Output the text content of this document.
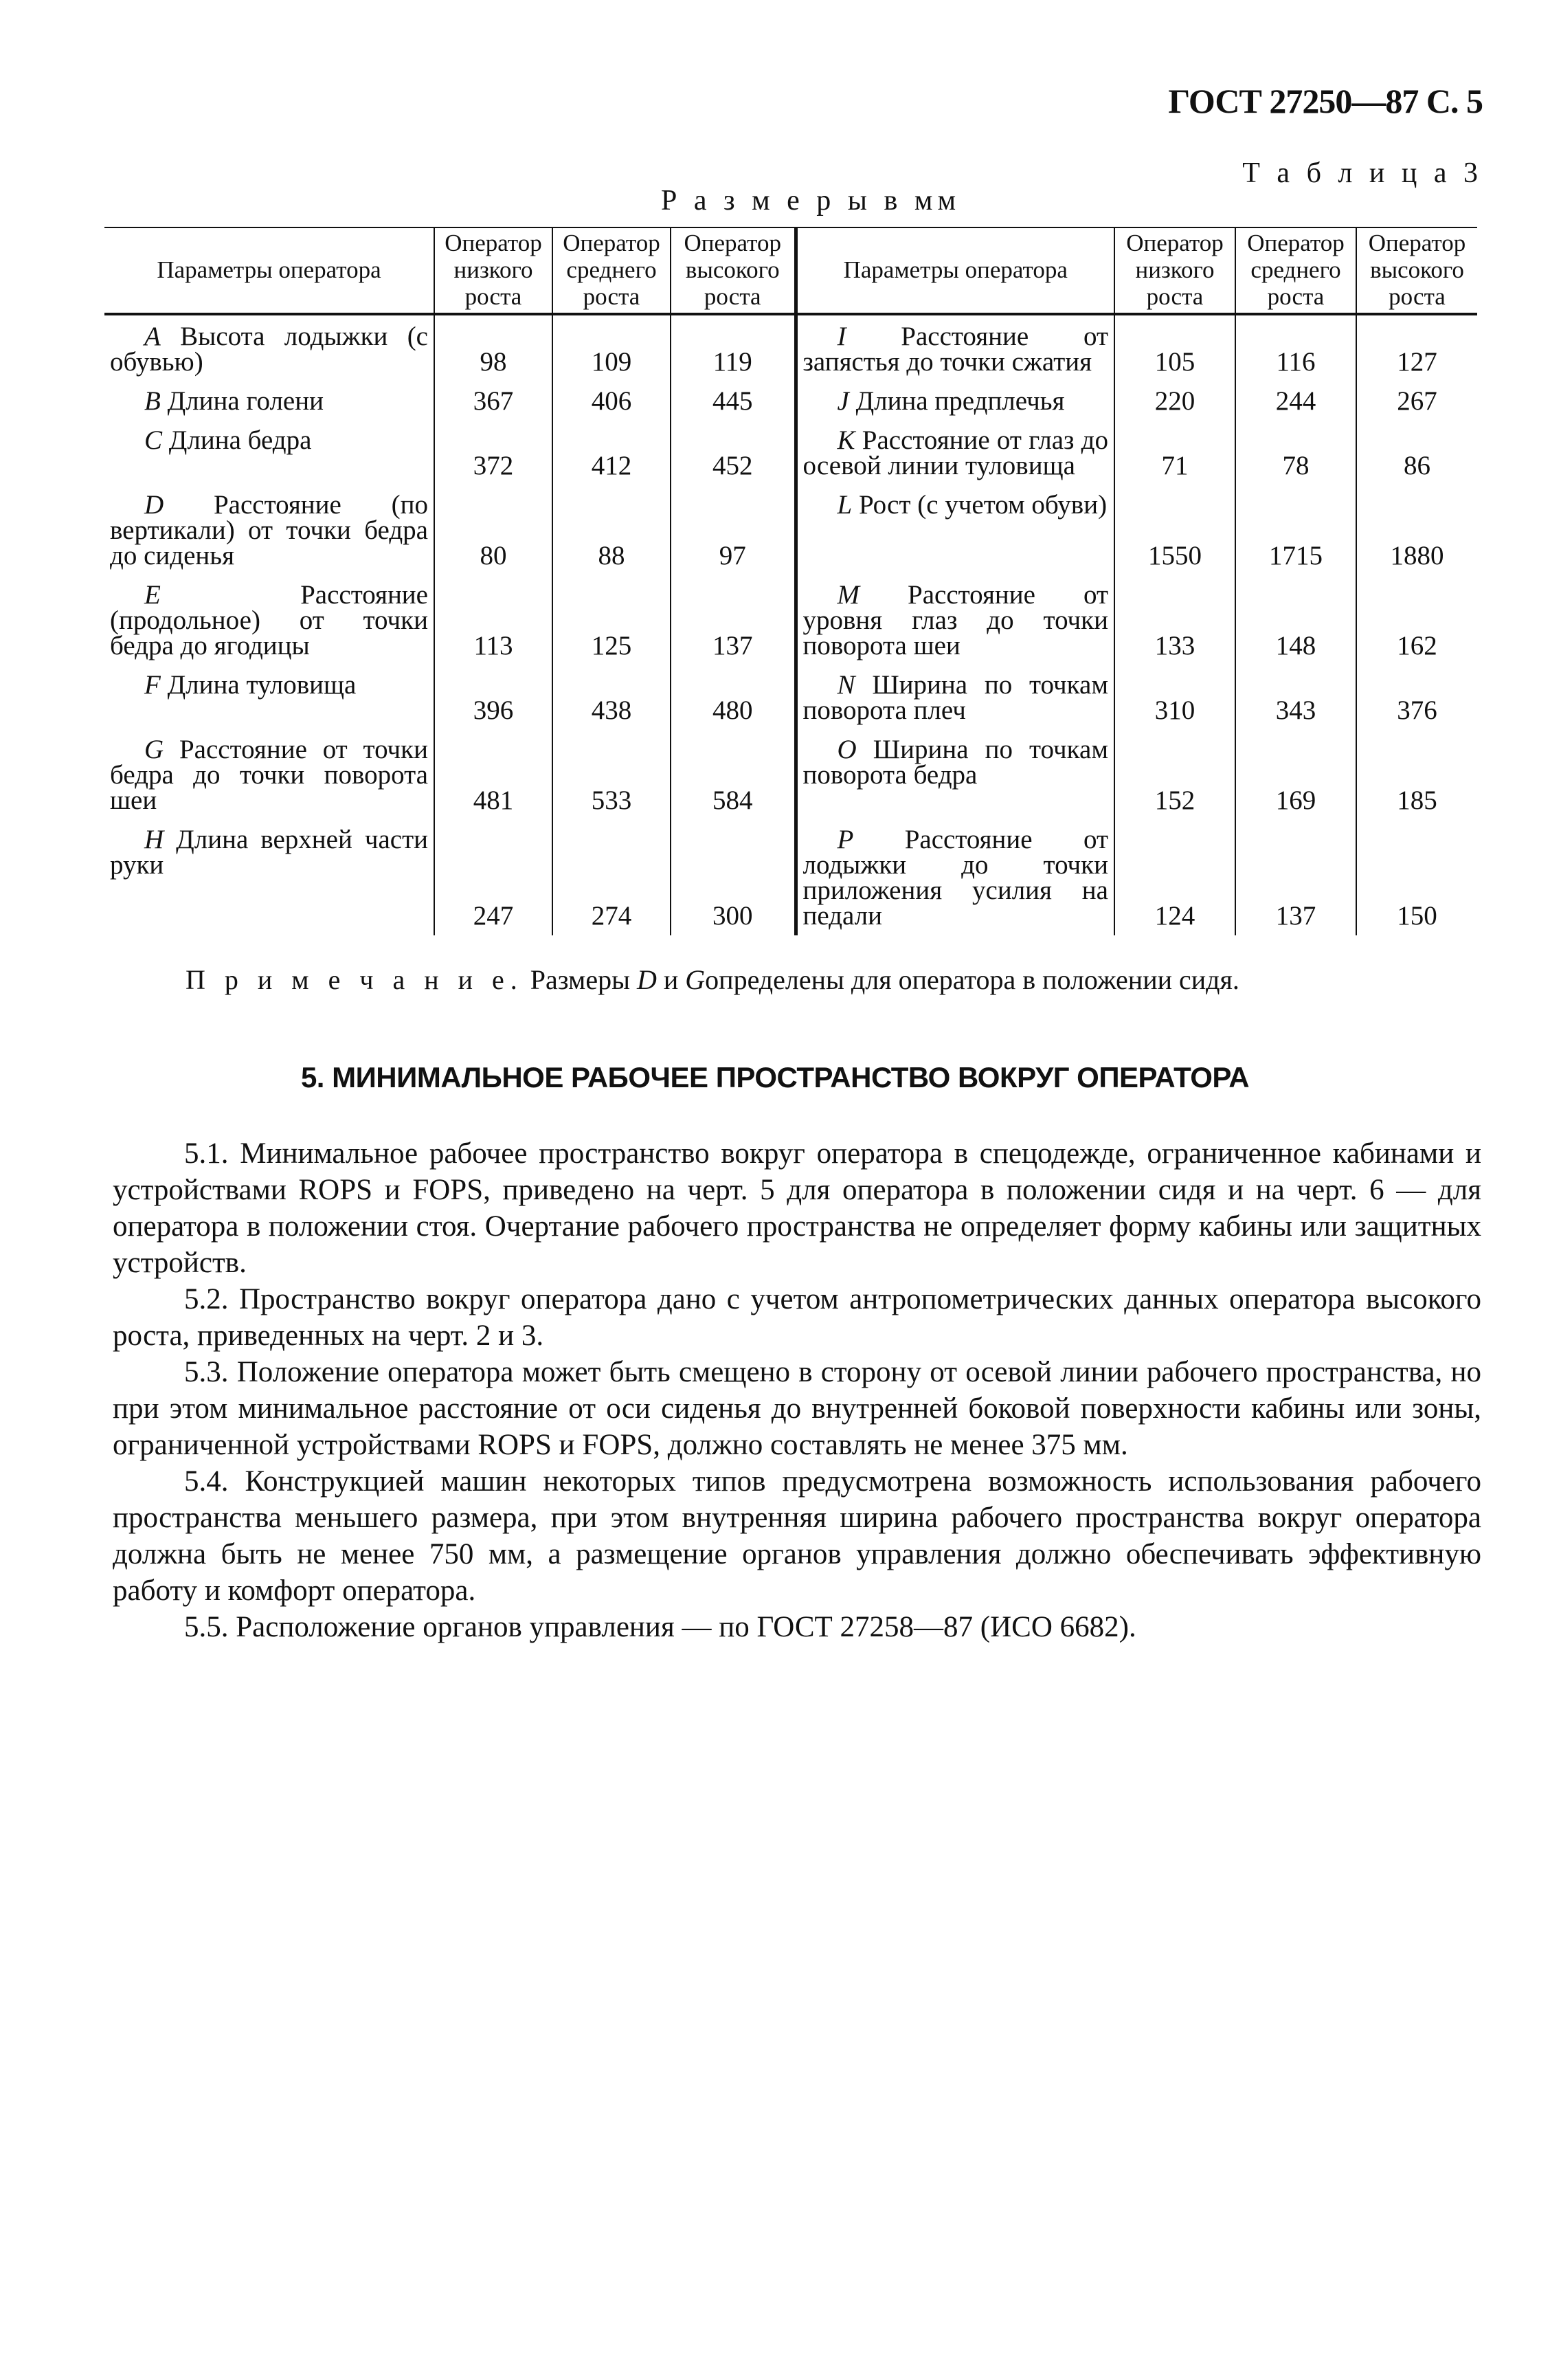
ГОСТ 27250—87 С. 5
Т а б л и ц а 3
Р а з м е р ы в мм
Параметры оператора	Оператор низкого роста	Оператор среднего роста	Оператор высокого роста	Параметры оператора	Оператор низкого роста	Оператор среднего роста	Оператор высокого роста
A Высота лодыжки (с обувью)	98	109	119	I Расстояние от запястья до точки сжатия	105	116	127
B Длина голени	367	406	445	J Длина предплечья	220	244	267
C Длина бедра	372	412	452	K Расстояние от глаз до осевой линии туловища	71	78	86
D Расстояние (по вертикали) от точки бедра до сиденья	80	88	97	L Рост (с учетом обуви)	1550	1715	1880
E Расстояние (продольное) от точки бедра до ягодицы	113	125	137	M Расстояние от уровня глаз до точки поворота шеи	133	148	162
F Длина туловища	396	438	480	N Ширина по точкам поворота плеч	310	343	376
G Расстояние от точки бедра до точки поворота шеи	481	533	584	O Ширина по точкам поворота бедра	152	169	185
H Длина верхней части руки	247	274	300	P Расстояние от лодыжки до точки приложения усилия на педали	124	137	150
П р и м е ч а н и е. Размеры D и Gопределены для оператора в положении сидя.
5. МИНИМАЛЬНОЕ РАБОЧЕЕ ПРОСТРАНСТВО ВОКРУГ ОПЕРАТОРА

5.1. Минимальное рабочее пространство вокруг оператора в спецодежде, ограниченное кабинами и устройствами ROPS и FOPS, приведено на черт. 5 для оператора в положении сидя и на черт. 6 — для оператора в положении стоя. Очертание рабочего пространства не определяет форму кабины или защитных устройств.

5.2. Пространство вокруг оператора дано с учетом антропометрических данных оператора высокого роста, приведенных на черт. 2 и 3.

5.3. Положение оператора может быть смещено в сторону от осевой линии рабочего пространства, но при этом минимальное расстояние от оси сиденья до внутренней боковой поверхности кабины или зоны, ограниченной устройствами ROPS и FOPS, должно составлять не менее 375 мм.

5.4. Конструкцией машин некоторых типов предусмотрена возможность использования рабочего пространства меньшего размера, при этом внутренняя ширина рабочего пространства вокруг оператора должна быть не менее 750 мм, а размещение органов управления должно обеспечивать эффективную работу и комфорт оператора.

5.5. Расположение органов управления — по ГОСТ 27258—87 (ИСО 6682).
